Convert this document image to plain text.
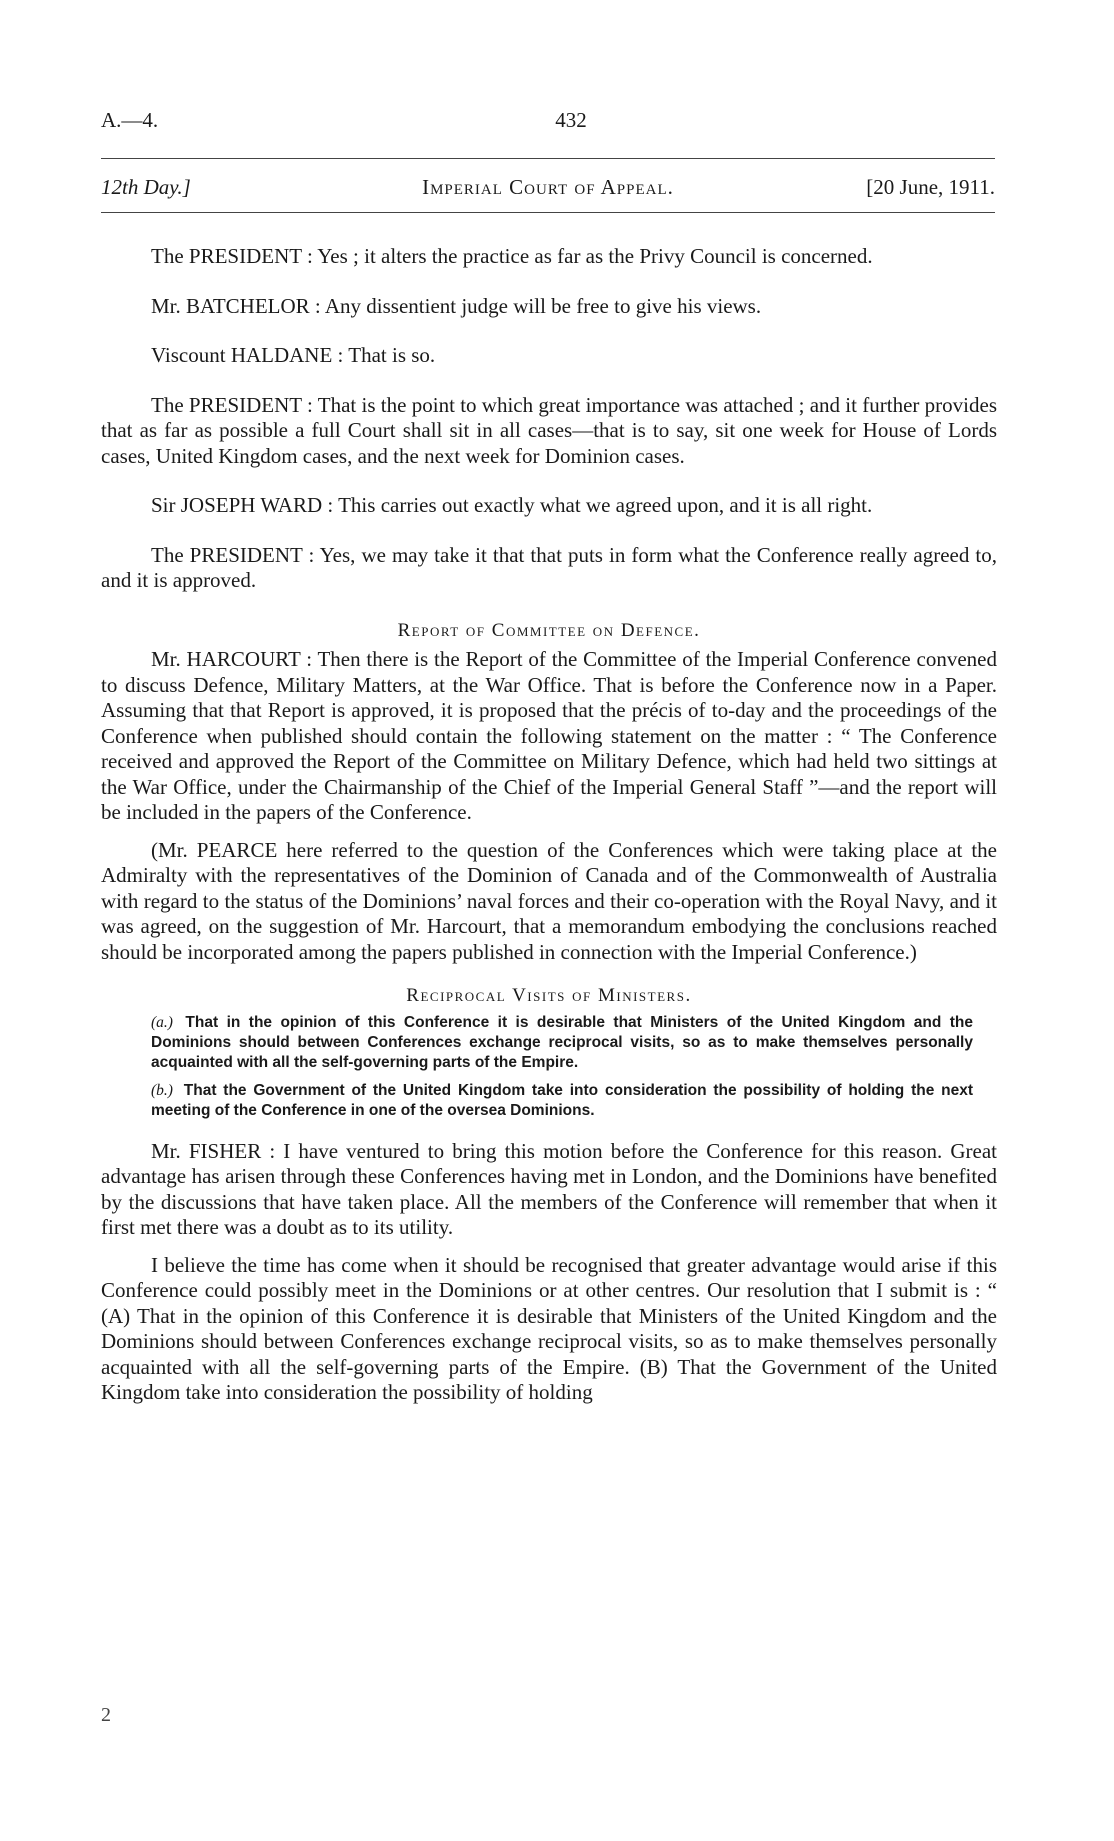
A.—4.	432
12th Day.]	Imperial Court of Appeal.	[20 June, 1911.

The PRESIDENT : Yes ; it alters the practice as far as the Privy Council is concerned.

Mr. BATCHELOR : Any dissentient judge will be free to give his views.

Viscount HALDANE : That is so.

The PRESIDENT : That is the point to which great importance was attached ; and it further provides that as far as possible a full Court shall sit in all cases—that is to say, sit one week for House of Lords cases, United Kingdom cases, and the next week for Dominion cases.

Sir JOSEPH WARD : This carries out exactly what we agreed upon, and it is all right.

The PRESIDENT : Yes, we may take it that that puts in form what the Conference really agreed to, and it is approved.

Report of Committee on Defence.

Mr. HARCOURT : Then there is the Report of the Committee of the Imperial Conference convened to discuss Defence, Military Matters, at the War Office. That is before the Conference now in a Paper. Assuming that that Report is approved, it is proposed that the précis of to-day and the proceedings of the Conference when published should contain the following statement on the matter : “ The Conference received and approved the Report of the Committee on Military Defence, which had held two sittings at the War Office, under the Chairmanship of the Chief of the Imperial General Staff ”—and the report will be included in the papers of the Conference.

(Mr. PEARCE here referred to the question of the Conferences which were taking place at the Admiralty with the representatives of the Dominion of Canada and of the Commonwealth of Australia with regard to the status of the Dominions’ naval forces and their co-operation with the Royal Navy, and it was agreed, on the suggestion of Mr. Harcourt, that a memorandum embodying the conclusions reached should be incorporated among the papers published in connection with the Imperial Conference.)

Reciprocal Visits of Ministers.
(a.) That in the opinion of this Conference it is desirable that Ministers of the United Kingdom and the Dominions should between Conferences exchange reciprocal visits, so as to make themselves personally acquainted with all the self-governing parts of the Empire.
(b.) That the Government of the United Kingdom take into consideration the possibility of holding the next meeting of the Conference in one of the oversea Dominions.

Mr. FISHER : I have ventured to bring this motion before the Conference for this reason. Great advantage has arisen through these Conferences having met in London, and the Dominions have benefited by the discussions that have taken place. All the members of the Conference will remember that when it first met there was a doubt as to its utility.

I believe the time has come when it should be recognised that greater advantage would arise if this Conference could possibly meet in the Dominions or at other centres. Our resolution that I submit is : “ (A) That in the opinion of this Conference it is desirable that Ministers of the United Kingdom and the Dominions should between Conferences exchange reciprocal visits, so as to make themselves personally acquainted with all the self-governing parts of the Empire. (B) That the Government of the United Kingdom take into consideration the possibility of holding

2
